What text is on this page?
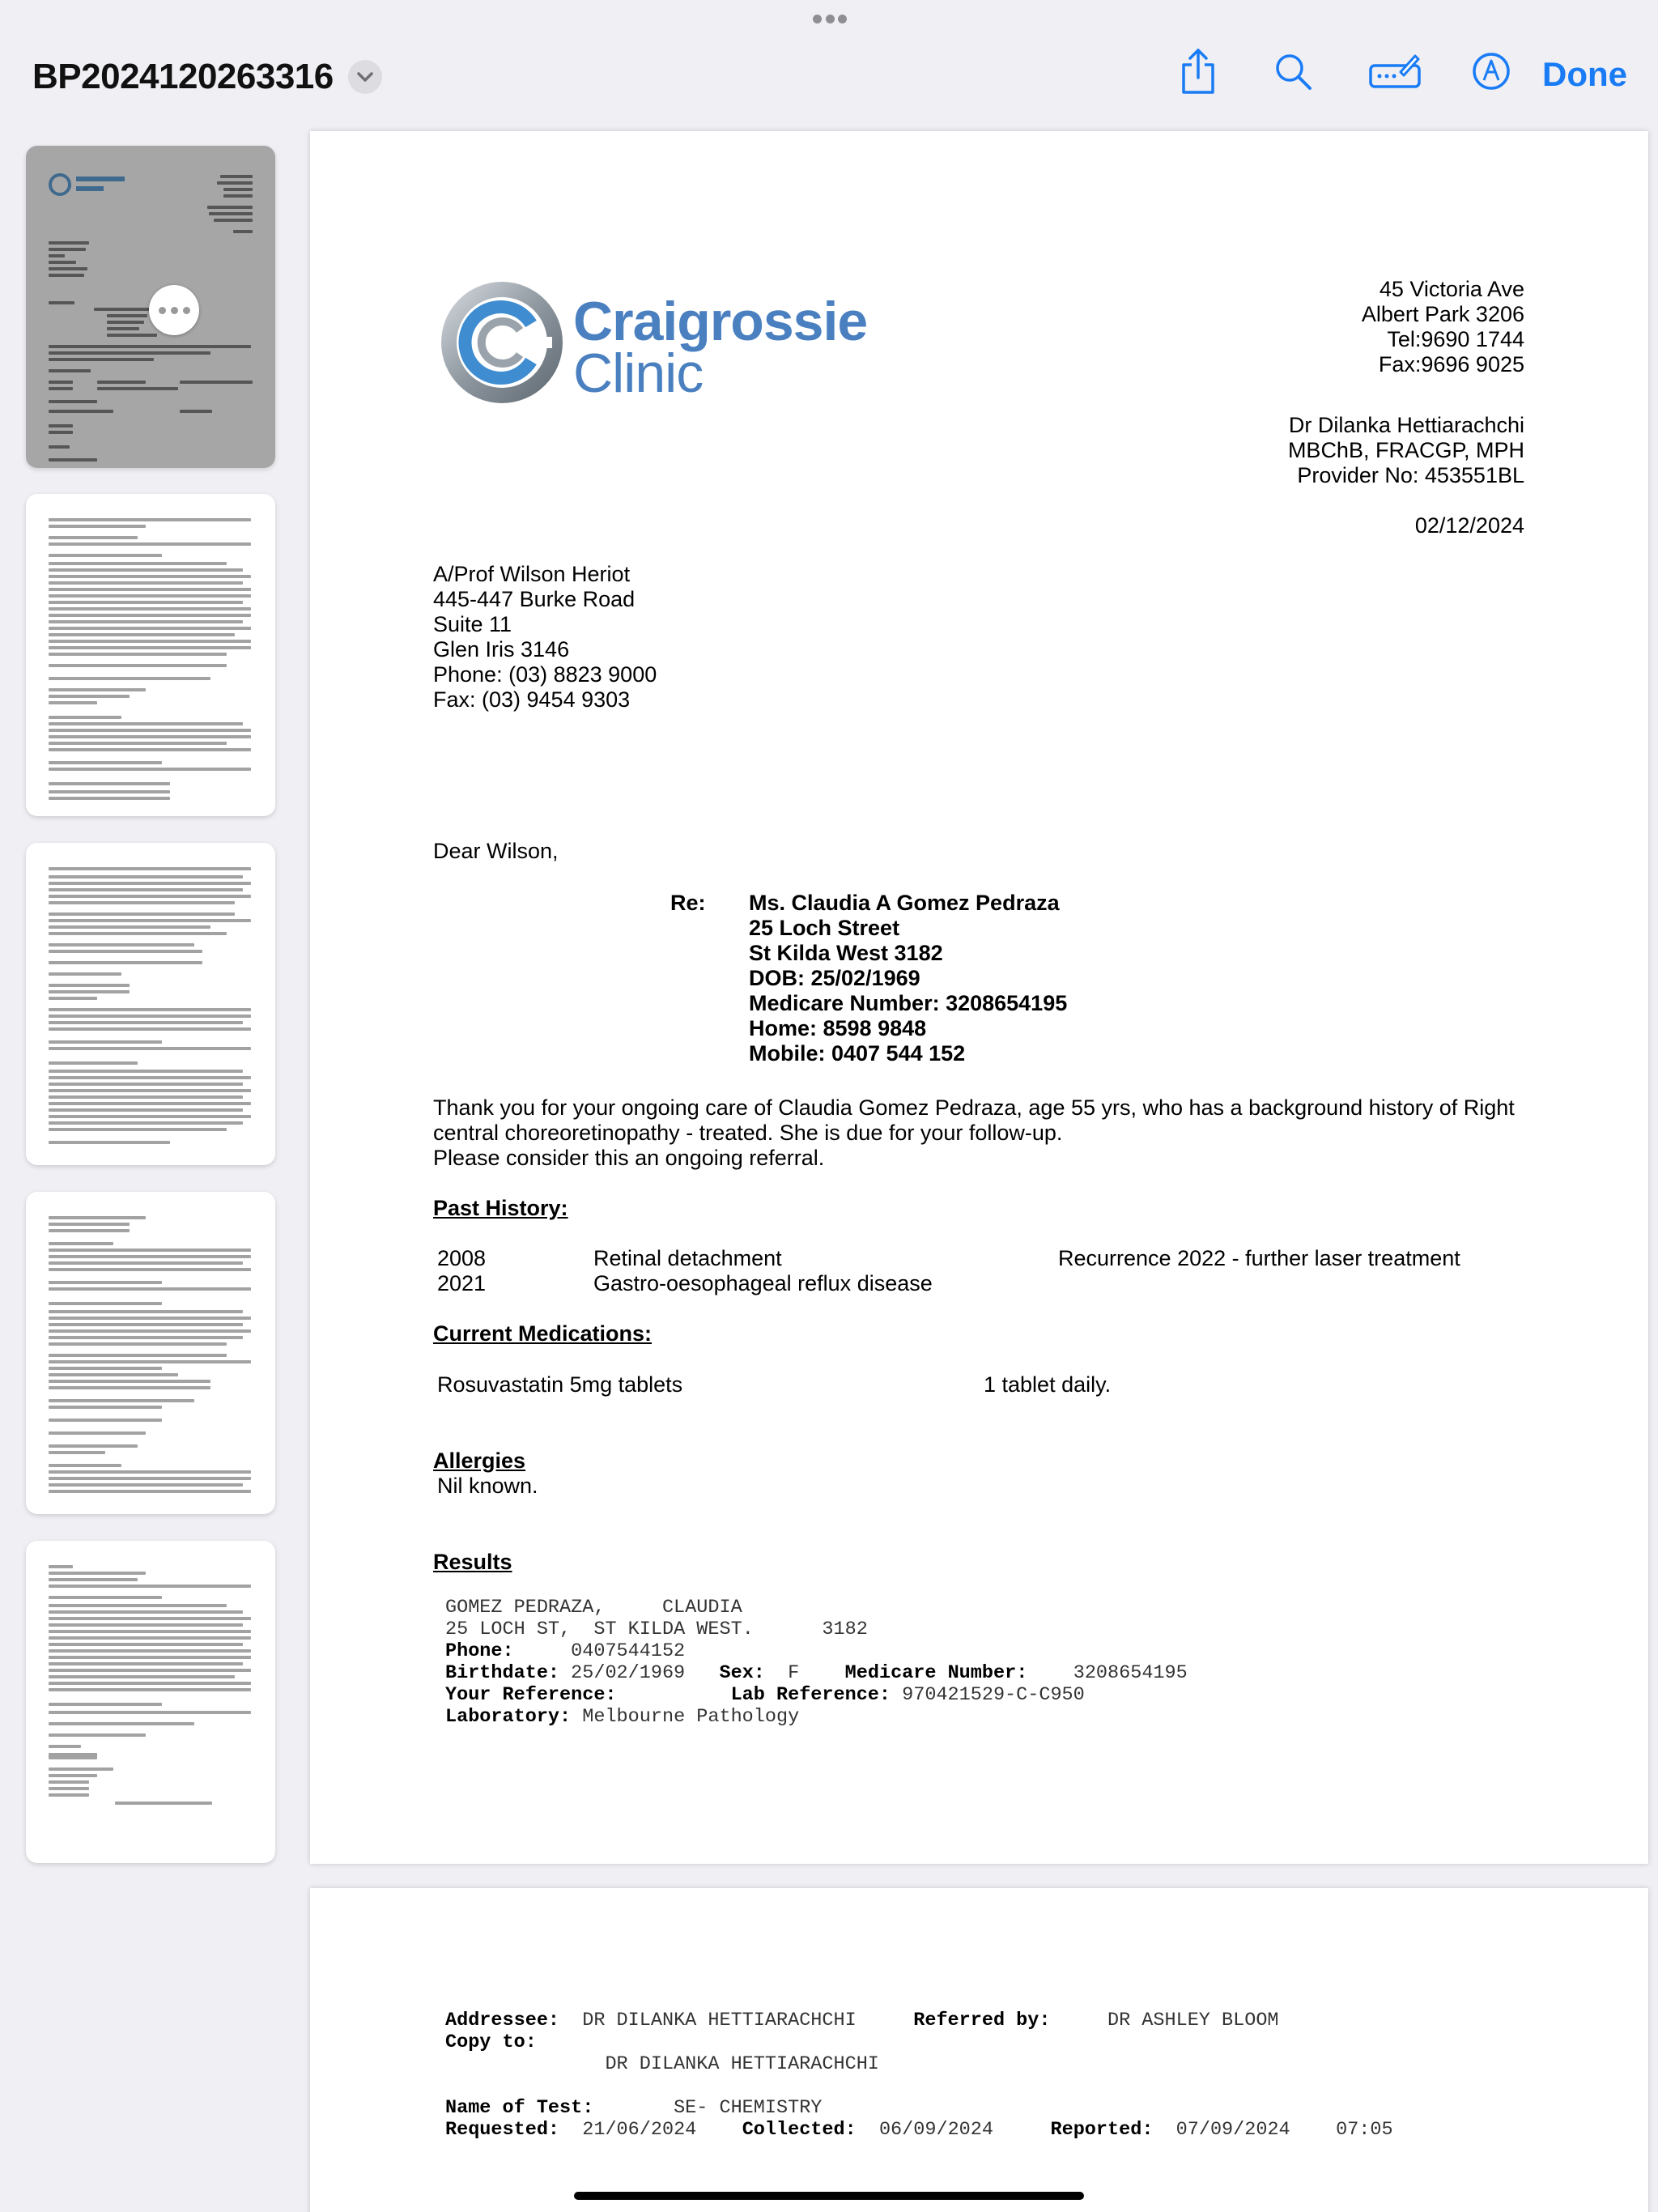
BP2024120263316	Done
Craigrossie
Clinic
45 Victoria Ave
Albert Park 3206
Tel:9690 1744
Fax:9696 9025
Dr Dilanka Hettiarachchi
MBChB, FRACGP, MPH
Provider No: 453551BL
02/12/2024
A/Prof Wilson Heriot
445-447 Burke Road
Suite 11
Glen Iris 3146
Phone: (03) 8823 9000
Fax: (03) 9454 9303
Dear Wilson,
Re: Ms. Claudia A Gomez Pedraza
25 Loch Street
St Kilda West 3182
DOB: 25/02/1969
Medicare Number: 3208654195
Home: 8598 9848
Mobile: 0407 544 152
Thank you for your ongoing care of Claudia Gomez Pedraza, age 55 yrs, who has a background history of Right
central choreoretinopathy - treated. She is due for your follow-up.
Please consider this an ongoing referral.
Past History:
2008	Retinal detachment	Recurrence 2022 - further laser treatment
2021	Gastro-oesophageal reflux disease
Current Medications:
Rosuvastatin 5mg tablets	1 tablet daily.
Allergies
Nil known.
Results
GOMEZ PEDRAZA,	CLAUDIA
25 LOCH ST, ST KILDA WEST.	3182
Phone:	0407544152
Birthdate: 25/02/1969 Sex: F Medicare Number: 3208654195
Your Reference:	Lab Reference: 970421529-C-C950
Laboratory: Melbourne Pathology
Addressee: DR DILANKA HETTIARACHCHI	Referred by:	DR ASHLEY BLOOM
Copy to:
DR DILANKA HETTIARACHCHI
Name of Test:	SE- CHEMISTRY
Requested: 21/06/2024 Collected: 06/09/2024	Reported: 07/09/2024 07:05
